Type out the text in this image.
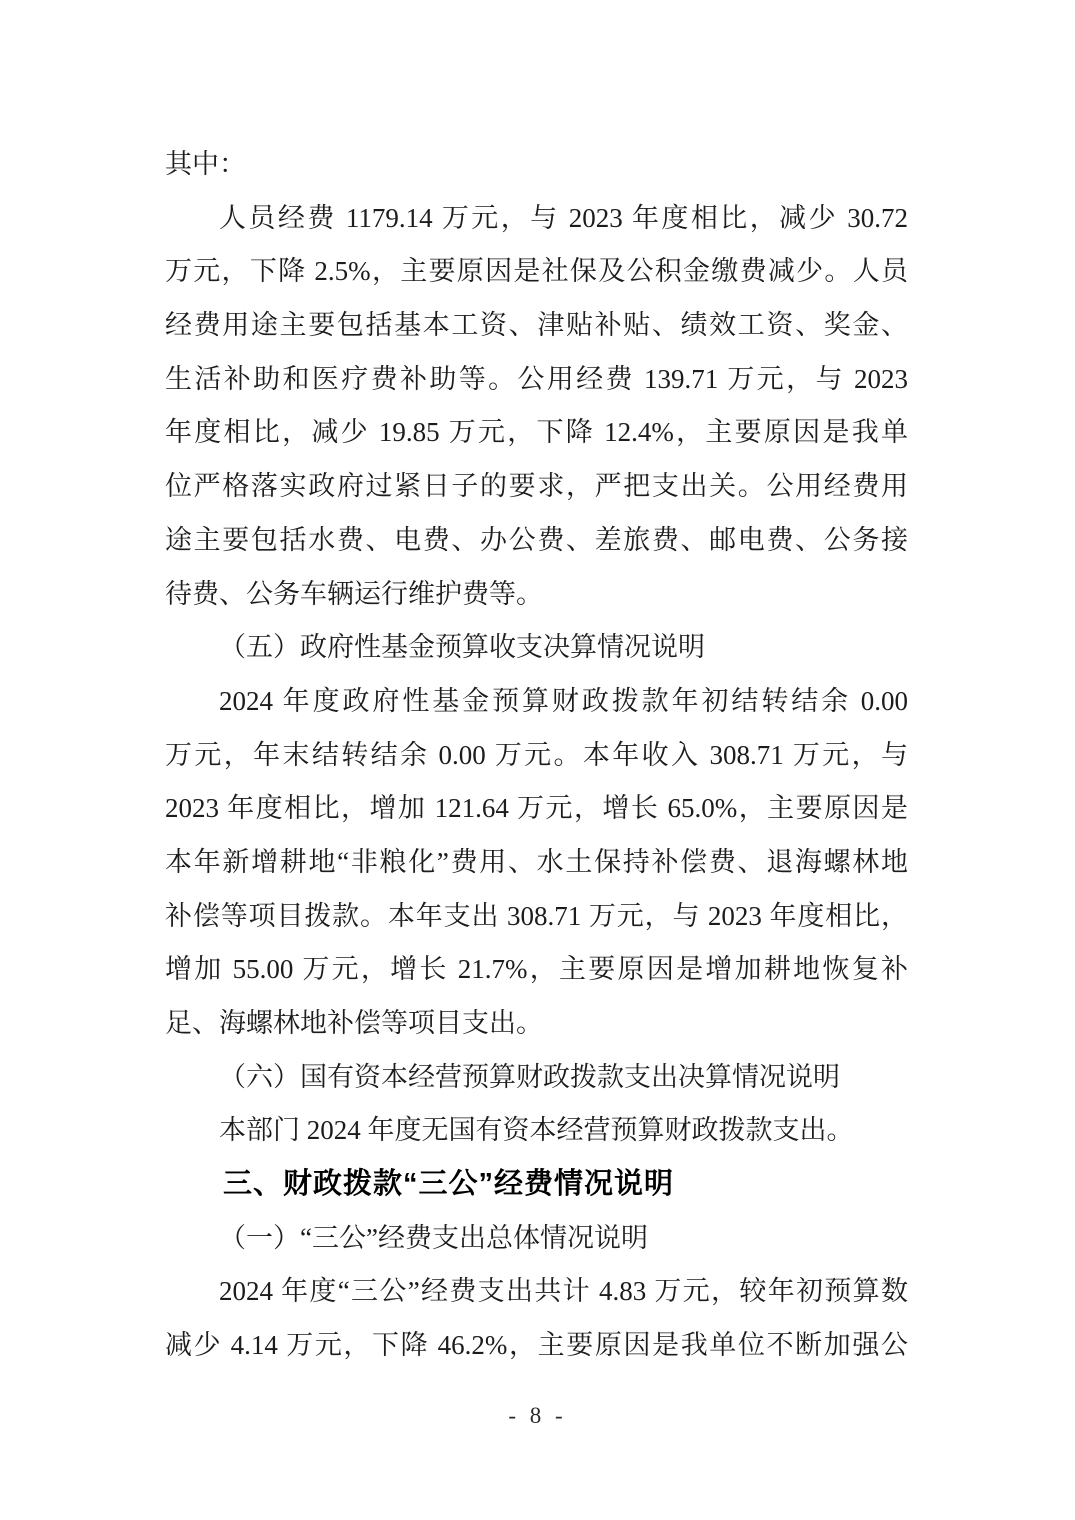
其中：
人员经费 1179.14 万元，与 2023 年度相比，减少 30.72
万元，下降 2.5%，主要原因是社保及公积金缴费减少。人员
经费用途主要包括基本工资、津贴补贴、绩效工资、奖金、
生活补助和医疗费补助等。公用经费 139.71 万元，与 2023
年度相比，减少 19.85 万元，下降 12.4%，主要原因是我单
位严格落实政府过紧日子的要求，严把支出关。公用经费用
途主要包括水费、电费、办公费、差旅费、邮电费、公务接
待费、公务车辆运行维护费等。
（五）政府性基金预算收支决算情况说明
2024 年度政府性基金预算财政拨款年初结转结余 0.00
万元，年末结转结余 0.00 万元。本年收入 308.71 万元，与
2023 年度相比，增加 121.64 万元，增长 65.0%，主要原因是
本年新增耕地“非粮化”费用、水土保持补偿费、退海螺林地
补偿等项目拨款。本年支出 308.71 万元，与 2023 年度相比，
增加 55.00 万元，增长 21.7%，主要原因是增加耕地恢复补
足、海螺林地补偿等项目支出。
（六）国有资本经营预算财政拨款支出决算情况说明
本部门 2024 年度无国有资本经营预算财政拨款支出。
三、财政拨款“三公”经费情况说明
（一）“三公”经费支出总体情况说明
2024 年度“三公”经费支出共计 4.83 万元，较年初预算数
减少 4.14 万元，下降 46.2%，主要原因是我单位不断加强公
- 8 -
